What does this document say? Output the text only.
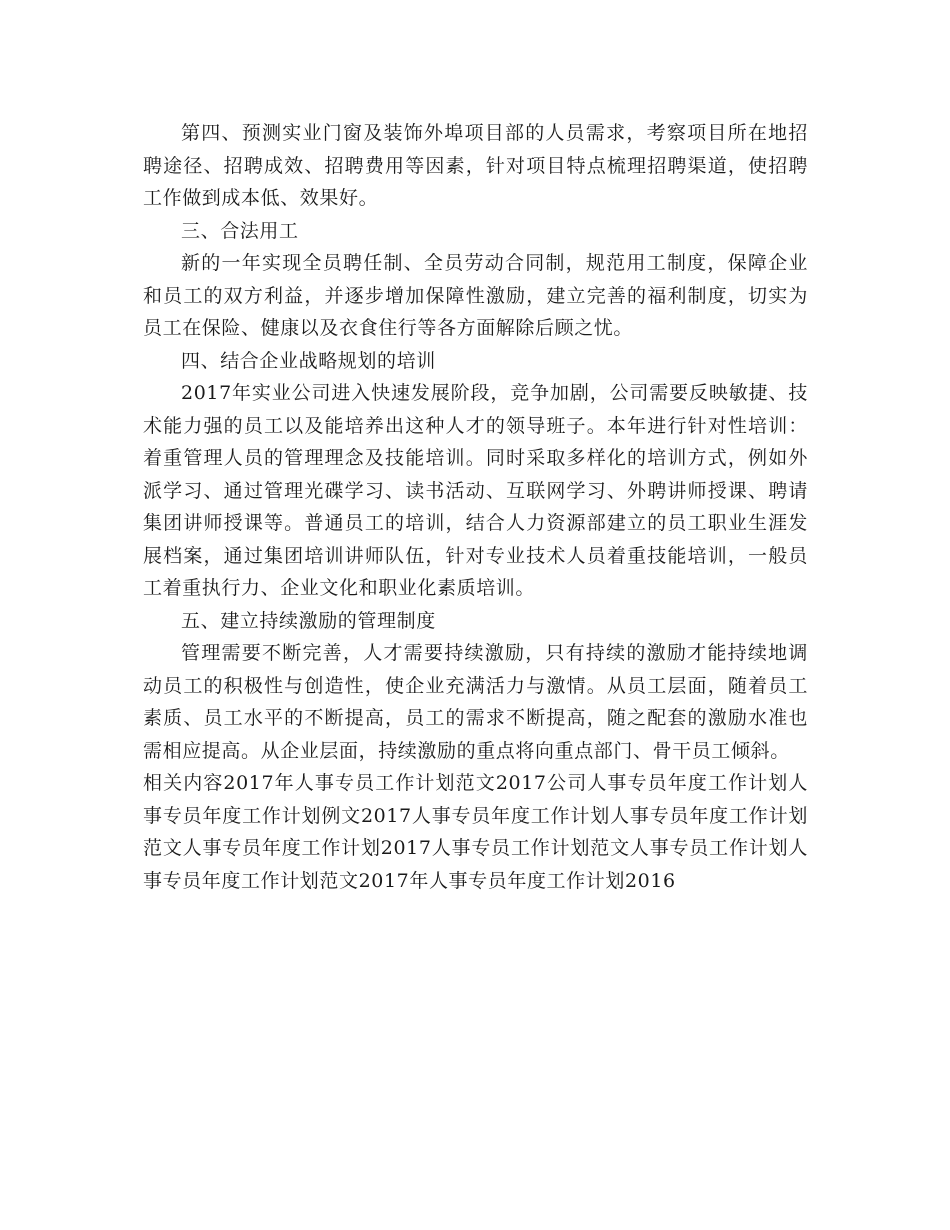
第四、预测实业门窗及装饰外埠项目部的人员需求，考察项目所在地招聘途径、招聘成效、招聘费用等因素，针对项目特点梳理招聘渠道，使招聘工作做到成本低、效果好。

三、合法用工

新的一年实现全员聘任制、全员劳动合同制，规范用工制度，保障企业和员工的双方利益，并逐步增加保障性激励，建立完善的福利制度，切实为员工在保险、健康以及衣食住行等各方面解除后顾之忧。

四、结合企业战略规划的培训

2017年实业公司进入快速发展阶段，竞争加剧，公司需要反映敏捷、技术能力强的员工以及能培养出这种人才的领导班子。本年进行针对性培训：着重管理人员的管理理念及技能培训。同时采取多样化的培训方式，例如外派学习、通过管理光碟学习、读书活动、互联网学习、外聘讲师授课、聘请集团讲师授课等。普通员工的培训，结合人力资源部建立的员工职业生涯发展档案，通过集团培训讲师队伍，针对专业技术人员着重技能培训，一般员工着重执行力、企业文化和职业化素质培训。

五、建立持续激励的管理制度

管理需要不断完善，人才需要持续激励，只有持续的激励才能持续地调动员工的积极性与创造性，使企业充满活力与激情。从员工层面，随着员工素质、员工水平的不断提高，员工的需求不断提高，随之配套的激励水准也需相应提高。从企业层面，持续激励的重点将向重点部门、骨干员工倾斜。

相关内容2017年人事专员工作计划范文2017公司人事专员年度工作计划人事专员年度工作计划例文2017人事专员年度工作计划人事专员年度工作计划范文人事专员年度工作计划2017人事专员工作计划范文人事专员工作计划人事专员年度工作计划范文2017年人事专员年度工作计划2016
